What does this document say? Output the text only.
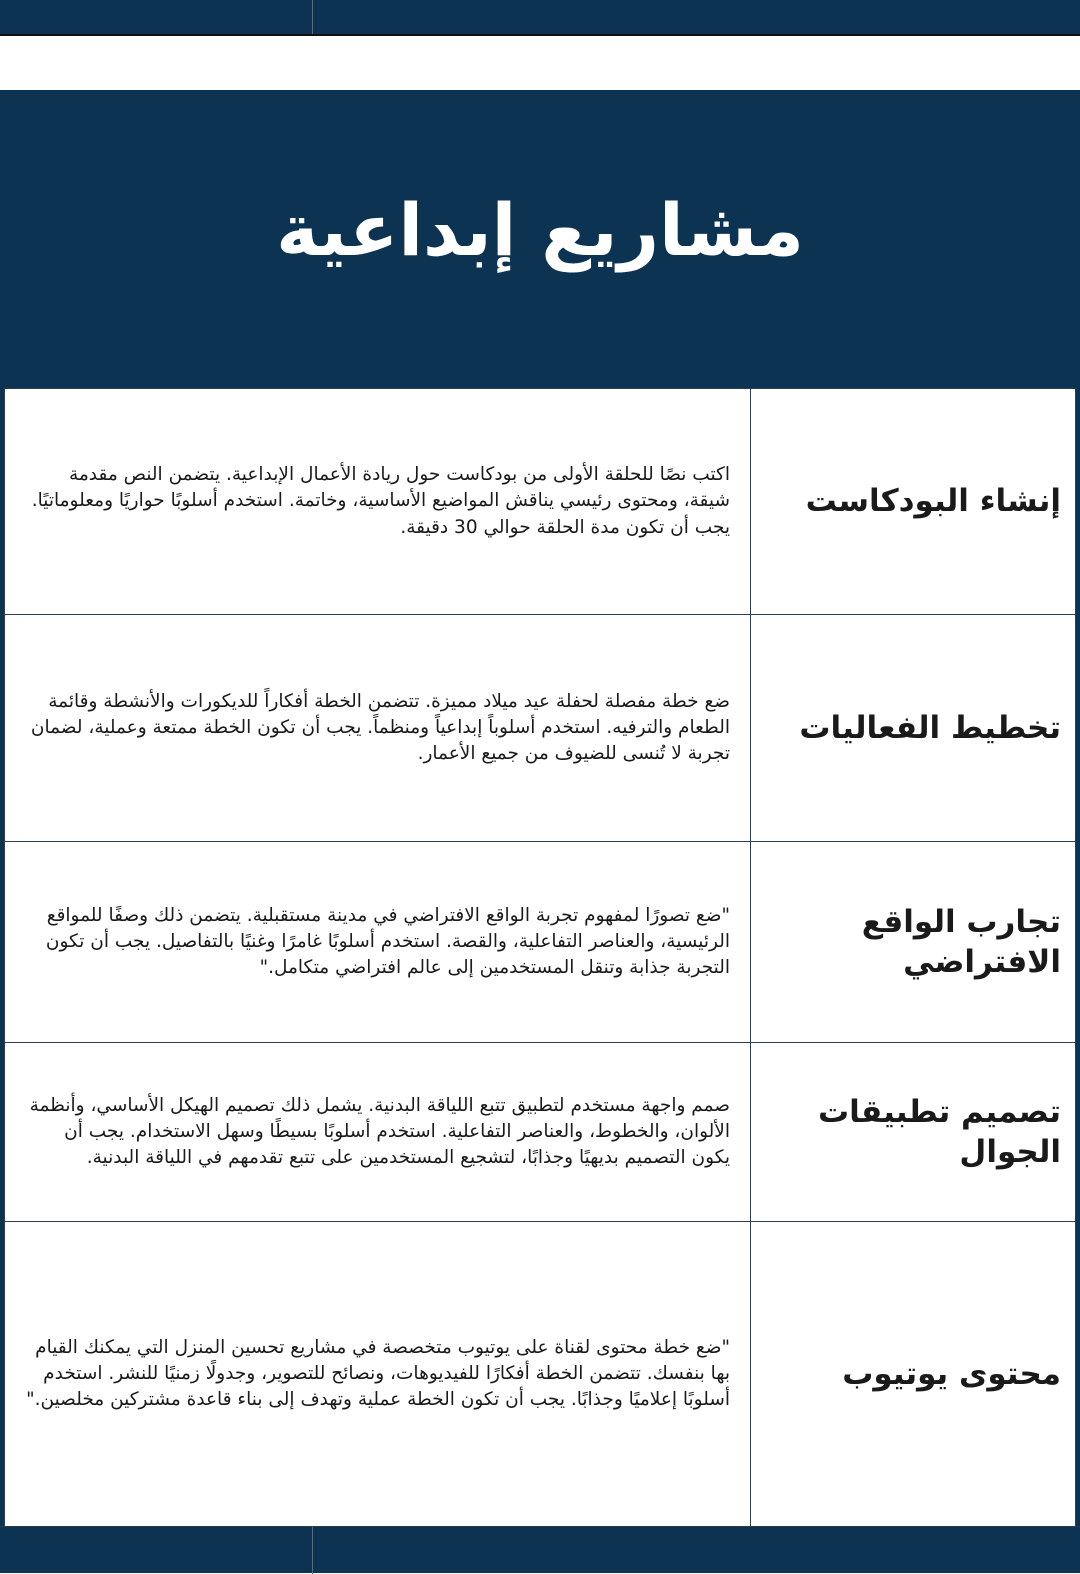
مشاريع إبداعية
إنشاء البودكاست	اكتب نصًا للحلقة الأولى من بودكاست حول ريادة الأعمال الإبداعية. يتضمن النص مقدمة شيقة، ومحتوى رئيسي يناقش المواضيع الأساسية، وخاتمة. استخدم أسلوبًا حواريًا ومعلوماتيًا. يجب أن تكون مدة الحلقة حوالي 30 دقيقة.
تخطيط الفعاليات	ضع خطة مفصلة لحفلة عيد ميلاد مميزة. تتضمن الخطة أفكاراً للديكورات والأنشطة وقائمة الطعام والترفيه. استخدم أسلوباً إبداعياً ومنظماً. يجب أن تكون الخطة ممتعة وعملية، لضمان تجربة لا تُنسى للضيوف من جميع الأعمار.
تجارب الواقع الافتراضي	"ضع تصورًا لمفهوم تجربة الواقع الافتراضي في مدينة مستقبلية. يتضمن ذلك وصفًا للمواقع الرئيسية، والعناصر التفاعلية، والقصة. استخدم أسلوبًا غامرًا وغنيًا بالتفاصيل. يجب أن تكون التجربة جذابة وتنقل المستخدمين إلى عالم افتراضي متكامل."
تصميم تطبيقات الجوال	صمم واجهة مستخدم لتطبيق تتبع اللياقة البدنية. يشمل ذلك تصميم الهيكل الأساسي، وأنظمة الألوان، والخطوط، والعناصر التفاعلية. استخدم أسلوبًا بسيطًا وسهل الاستخدام. يجب أن يكون التصميم بديهيًا وجذابًا، لتشجيع المستخدمين على تتبع تقدمهم في اللياقة البدنية.
محتوى يوتيوب	"ضع خطة محتوى لقناة على يوتيوب متخصصة في مشاريع تحسين المنزل التي يمكنك القيام بها بنفسك. تتضمن الخطة أفكارًا للفيديوهات، ونصائح للتصوير، وجدولًا زمنيًا للنشر. استخدم أسلوبًا إعلاميًا وجذابًا. يجب أن تكون الخطة عملية وتهدف إلى بناء قاعدة مشتركين مخلصين."
